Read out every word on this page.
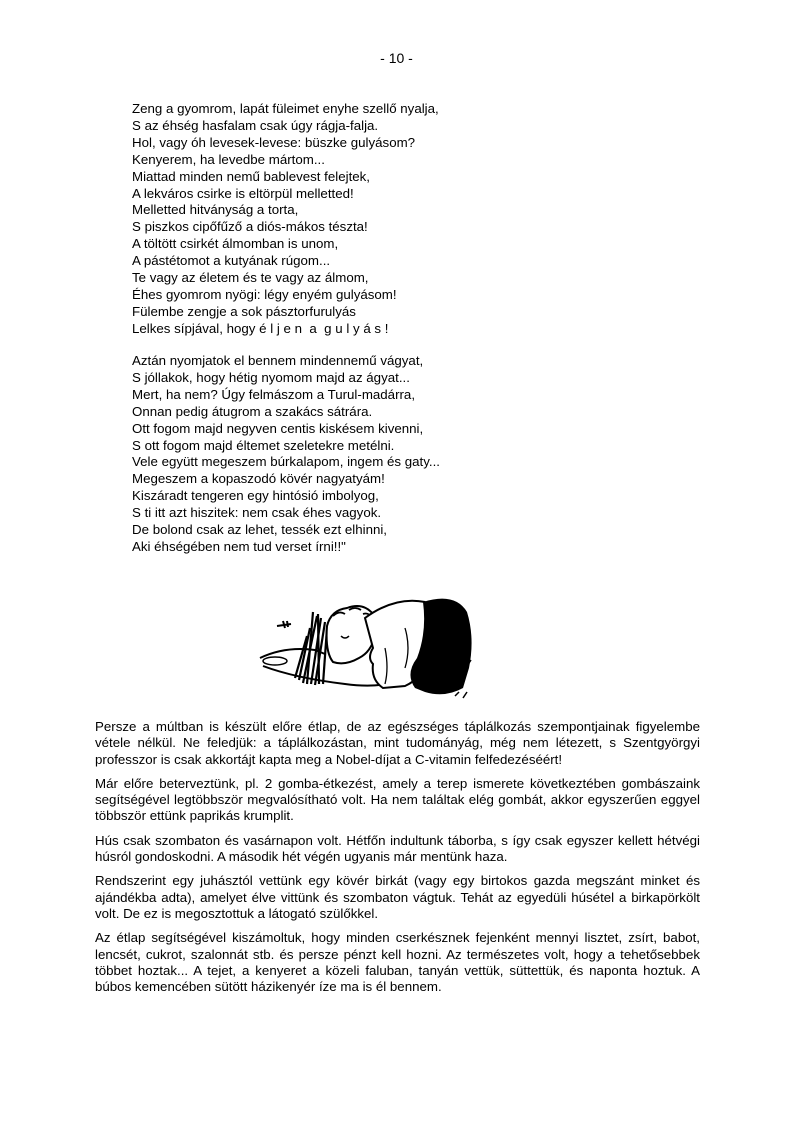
- 10 -
Zeng a gyomrom, lapát füleimet enyhe szellő nyalja,
S az éhség hasfalam csak úgy rágja-falja.
Hol, vagy óh levesek-levese: büszke gulyásom?
Kenyerem, ha levedbe mártom...
Miattad minden nemű bablevest felejtek,
A lekváros csirke is eltörpül melletted!
Melletted hitványság a torta,
S piszkos cipőfűző a diós-mákos tészta!
A töltött csirkét álmomban is unom,
A pástétomot a kutyának rúgom...
Te vagy az életem és te vagy az álmom,
Éhes gyomrom nyögi: légy enyém gulyásom!
Fülembe zengje a sok pásztorfurulyás
Lelkes sípjával, hogy é l j e n  a  g u l y á s !
Aztán nyomjatok el bennem mindennemű vágyat,
S jóllakok, hogy hétig nyomom majd az ágyat...
Mert, ha nem? Úgy felmászom a Turul-madárra,
Onnan pedig átugrom a szakács sátrára.
Ott fogom majd negyven centis kiskésem kivenni,
S ott fogom majd éltemet szeletekre metélni.
Vele együtt megeszem búrkalapom, ingem és gaty...
Megeszem a kopaszodó kövér nagyatyám!
Kiszáradt tengeren egy hintósió imbolyog,
S ti itt azt hiszitek: nem csak éhes vagyok.
De bolond csak az lehet, tessék ezt elhinni,
Aki éhségében nem tud verset írni!!"

Persze a múltban is készült előre étlap, de az egészséges táplálkozás szempontjainak figyelembe vétele nélkül. Ne feledjük: a táplálkozástan, mint tudományág, még nem létezett, s Szentgyörgyi professzor is csak akkortájt kapta meg a Nobel-díjat a C-vitamin felfedezéséért!

Már előre beterveztünk, pl. 2 gomba-étkezést, amely a terep ismerete következtében gombászaink segítségével legtöbbször megvalósítható volt. Ha nem találtak elég gombát, akkor egyszerűen eggyel többször ettünk paprikás krumplit.

Hús csak szombaton és vasárnapon volt. Hétfőn indultunk táborba, s így csak egyszer kellett hétvégi húsról gondoskodni. A második hét végén ugyanis már mentünk haza.

Rendszerint egy juhásztól vettünk egy kövér birkát (vagy egy birtokos gazda megszánt minket és ajándékba adta), amelyet élve vittünk és szombaton vágtuk. Tehát az egyedüli húsétel a birkapörkölt volt. De ez is megosztottuk a látogató szülőkkel.

Az étlap segítségével kiszámoltuk, hogy minden cserkésznek fejenként mennyi lisztet, zsírt, babot, lencsét, cukrot, szalonnát stb. és persze pénzt kell hozni. Az természetes volt, hogy a tehetősebbek többet hoztak... A tejet, a kenyeret a közeli faluban, tanyán vettük, süttettük, és naponta hoztuk. A búbos kemencében sütött házikenyér íze ma is él bennem.
